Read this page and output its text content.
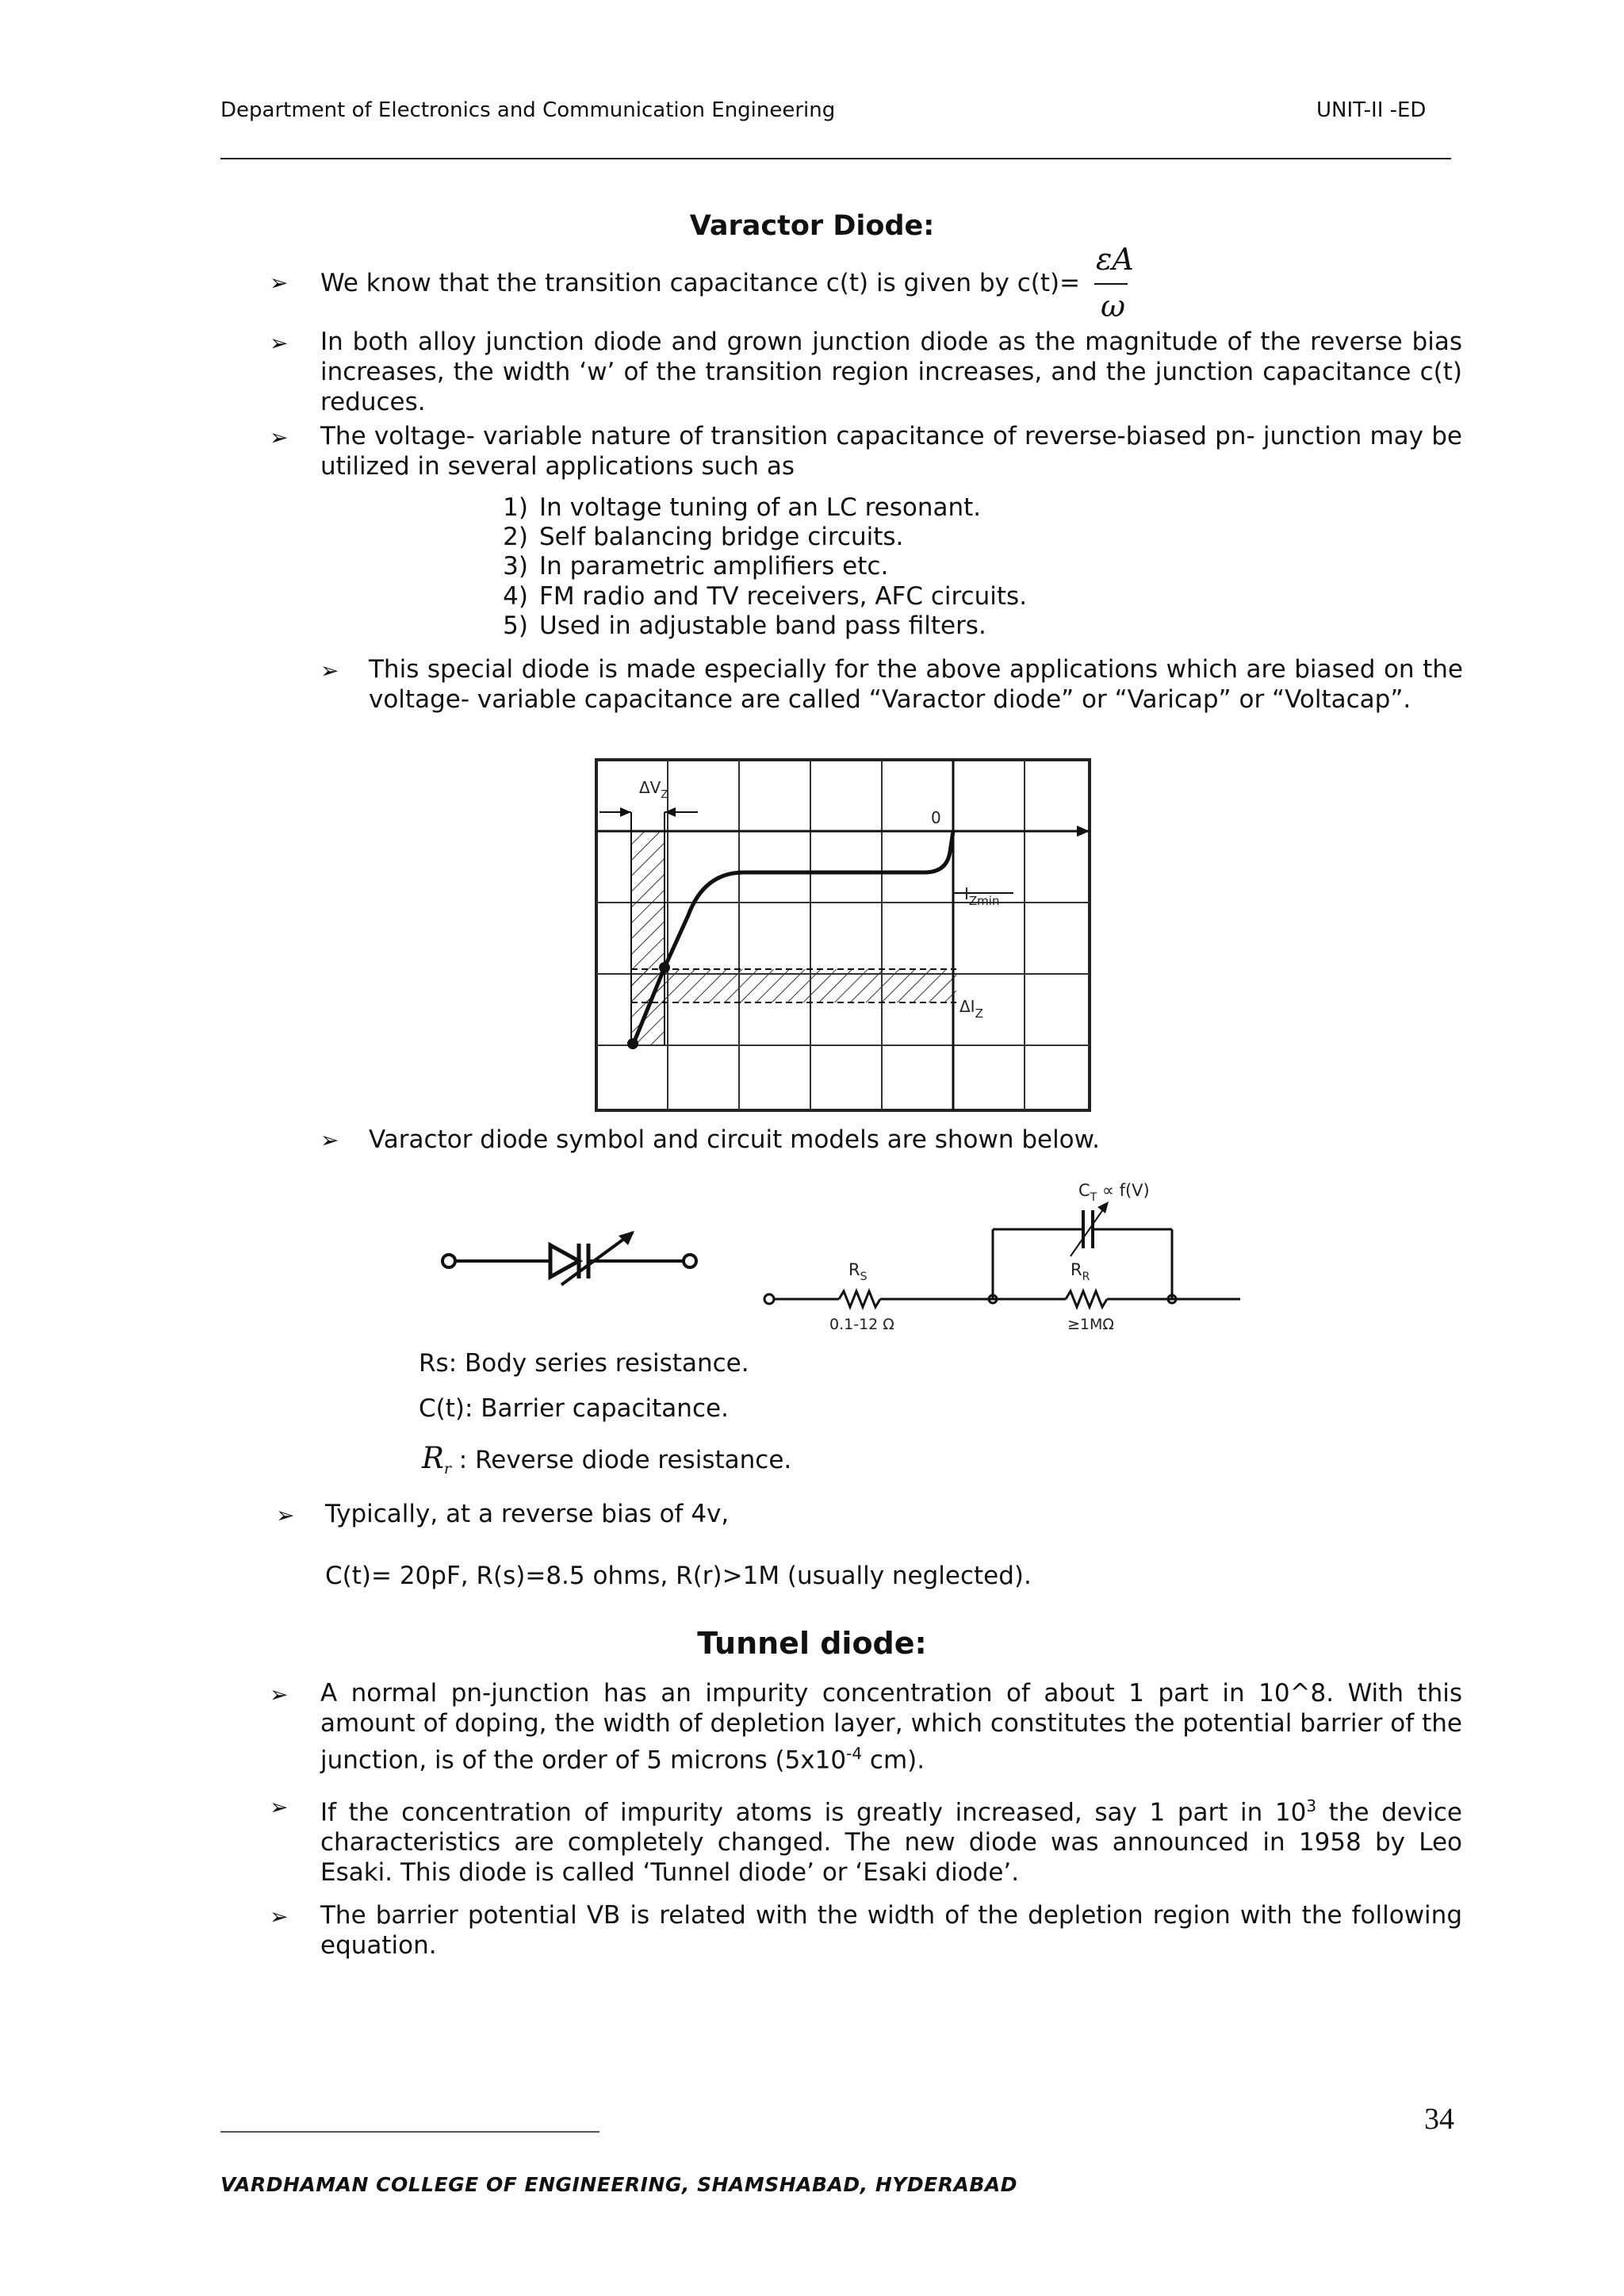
Department of Electronics and Communication Engineering	UNIT-II -ED
Varactor Diode:
➢ We know that the transition capacitance c(t) is given by c(t)=
εA
ω
➢ In both alloy junction diode and grown junction diode as the magnitude of the reverse bias increases, the width ‘w’ of the transition region increases, and the junction capacitance c(t) reduces.
➢ The voltage- variable nature of transition capacitance of reverse-biased pn- junction may be utilized in several applications such as
1) In voltage tuning of an LC resonant.
2) Self balancing bridge circuits.
3) In parametric amplifiers etc.
4) FM radio and TV receivers, AFC circuits.
5) Used in adjustable band pass filters.
➢ This special diode is made especially for the above applications which are biased on the voltage- variable capacitance are called “Varactor diode” or “Varicap” or “Voltacap”.
$\Delta V_Z$
0
$I_{Zmin}$
$\Delta I_Z$
➢ Varactor diode symbol and circuit models are shown below.
$C_T \propto f(V)$
$R_S$
0.1-12 Ω
$R_R$
≥1MΩ
Rs: Body series resistance.
C(t): Barrier capacitance.
$R_r$ : Reverse diode resistance.
➢ Typically, at a reverse bias of 4v,
C(t)= 20pF, R(s)=8.5 ohms, R(r)>1M (usually neglected).
Tunnel diode:
➢ A normal pn-junction has an impurity concentration of about 1 part in 10^8. With this amount of doping, the width of depletion layer, which constitutes the potential barrier of the junction, is of the order of 5 microns ($5x10^{-4}$ cm).
➢ If the concentration of impurity atoms is greatly increased, say 1 part in $10^3$ the device characteristics are completely changed. The new diode was announced in 1958 by Leo Esaki. This diode is called ‘Tunnel diode’ or ‘Esaki diode’.
➢ The barrier potential VB is related with the width of the depletion region with the following equation.
34
VARDHAMAN COLLEGE OF ENGINEERING, SHAMSHABAD, HYDERABAD
